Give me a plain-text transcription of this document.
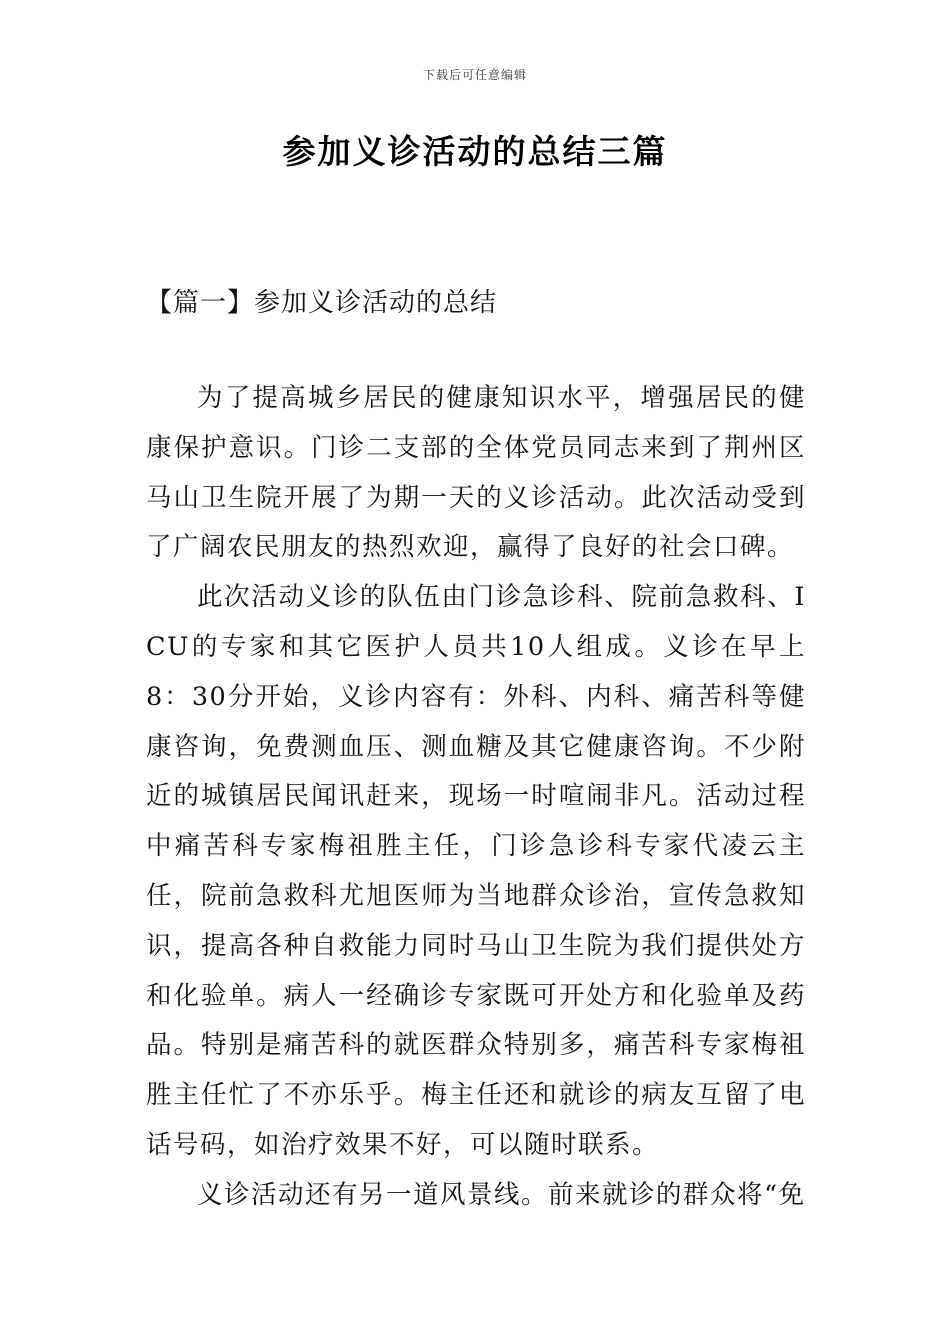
下载后可任意编辑
参加义诊活动的总结三篇
【篇一】参加义诊活动的总结

为了提高城乡居民的健康知识水平，增强居民的健康保护意识。门诊二支部的全体党员同志来到了荆州区马山卫生院开展了为期一天的义诊活动。此次活动受到了广阔农民朋友的热烈欢迎，赢得了良好的社会口碑。

此次活动义诊的队伍由门诊急诊科、院前急救科、ICU的专家和其它医护人员共10人组成。义诊在早上8：30分开始，义诊内容有：外科、内科、痛苦科等健康咨询，免费测血压、测血糖及其它健康咨询。不少附近的城镇居民闻讯赶来，现场一时喧闹非凡。活动过程中痛苦科专家梅祖胜主任，门诊急诊科专家代凌云主任，院前急救科尤旭医师为当地群众诊治，宣传急救知识，提高各种自救能力同时马山卫生院为我们提供处方和化验单。病人一经确诊专家既可开处方和化验单及药品。特别是痛苦科的就医群众特别多，痛苦科专家梅祖胜主任忙了不亦乐乎。梅主任还和就诊的病友互留了电话号码，如治疗效果不好，可以随时联系。

义诊活动还有另一道风景线。前来就诊的群众将“免
